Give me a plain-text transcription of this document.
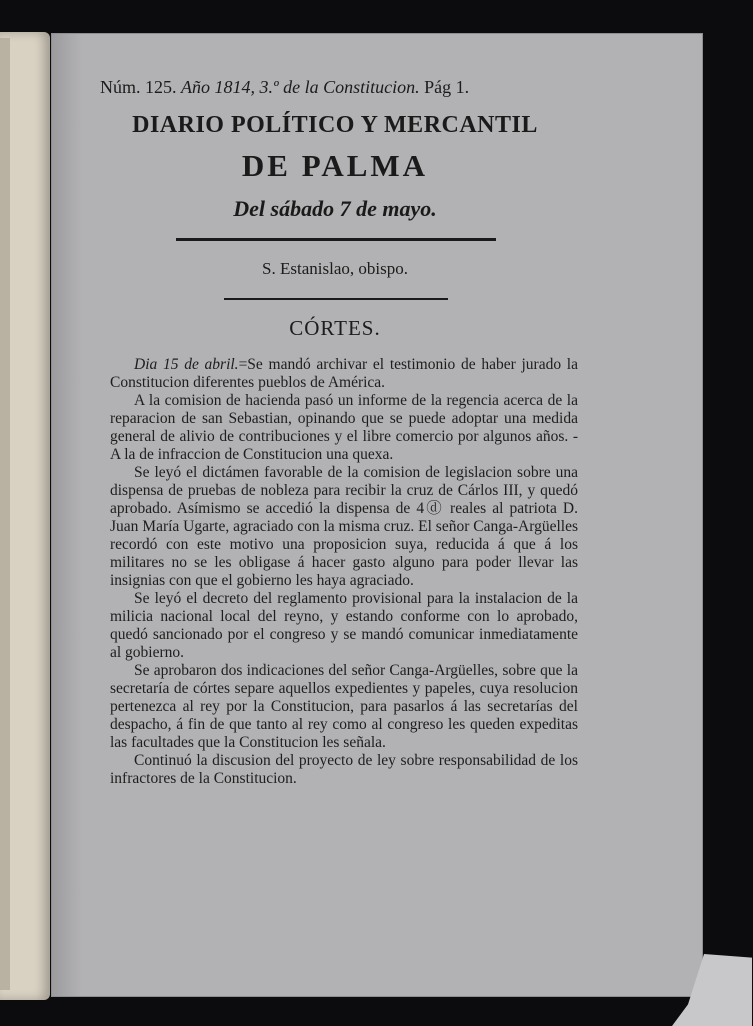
Núm. 125. Año 1814, 3.º de la Constitucion. Pág 1.
DIARIO POLÍTICO Y MERCANTIL
DE PALMA
Del sábado 7 de mayo.
S. Estanislao, obispo.
CÓRTES.

Dia 15 de abril.=Se mandó archivar el testimonio de haber jurado la Constitucion diferentes pueblos de América.

A la comision de hacienda pasó un informe de la regencia acerca de la reparacion de san Sebastian, opinando que se puede adoptar una medida general de alivio de contribuciones y el libre comercio por algunos años. - A la de infraccion de Constitucion una quexa.

Se leyó el dictámen favorable de la comision de legislacion sobre una dispensa de pruebas de nobleza para recibir la cruz de Cárlos III, y quedó aprobado. Asímismo se accedió la dispensa de 4ⓓ reales al patriota D. Juan María Ugarte, agraciado con la misma cruz. El señor Canga-Argüelles recordó con este motivo una proposicion suya, reducida á que á los militares no se les obligase á hacer gasto alguno para poder llevar las insignias con que el gobierno les haya agraciado.

Se leyó el decreto del reglamento provisional para la instalacion de la milicia nacional local del reyno, y estando conforme con lo aprobado, quedó sancionado por el congreso y se mandó comunicar inmediatamente al gobierno.

Se aprobaron dos indicaciones del señor Canga-Argüelles, sobre que la secretaría de córtes separe aquellos expedientes y papeles, cuya resolucion pertenezca al rey por la Constitucion, para pasarlos á las secretarías del despacho, á fin de que tanto al rey como al congreso les queden expeditas las facultades que la Constitucion les señala.

Continuó la discusion del proyecto de ley sobre responsabilidad de los infractores de la Constitucion.
